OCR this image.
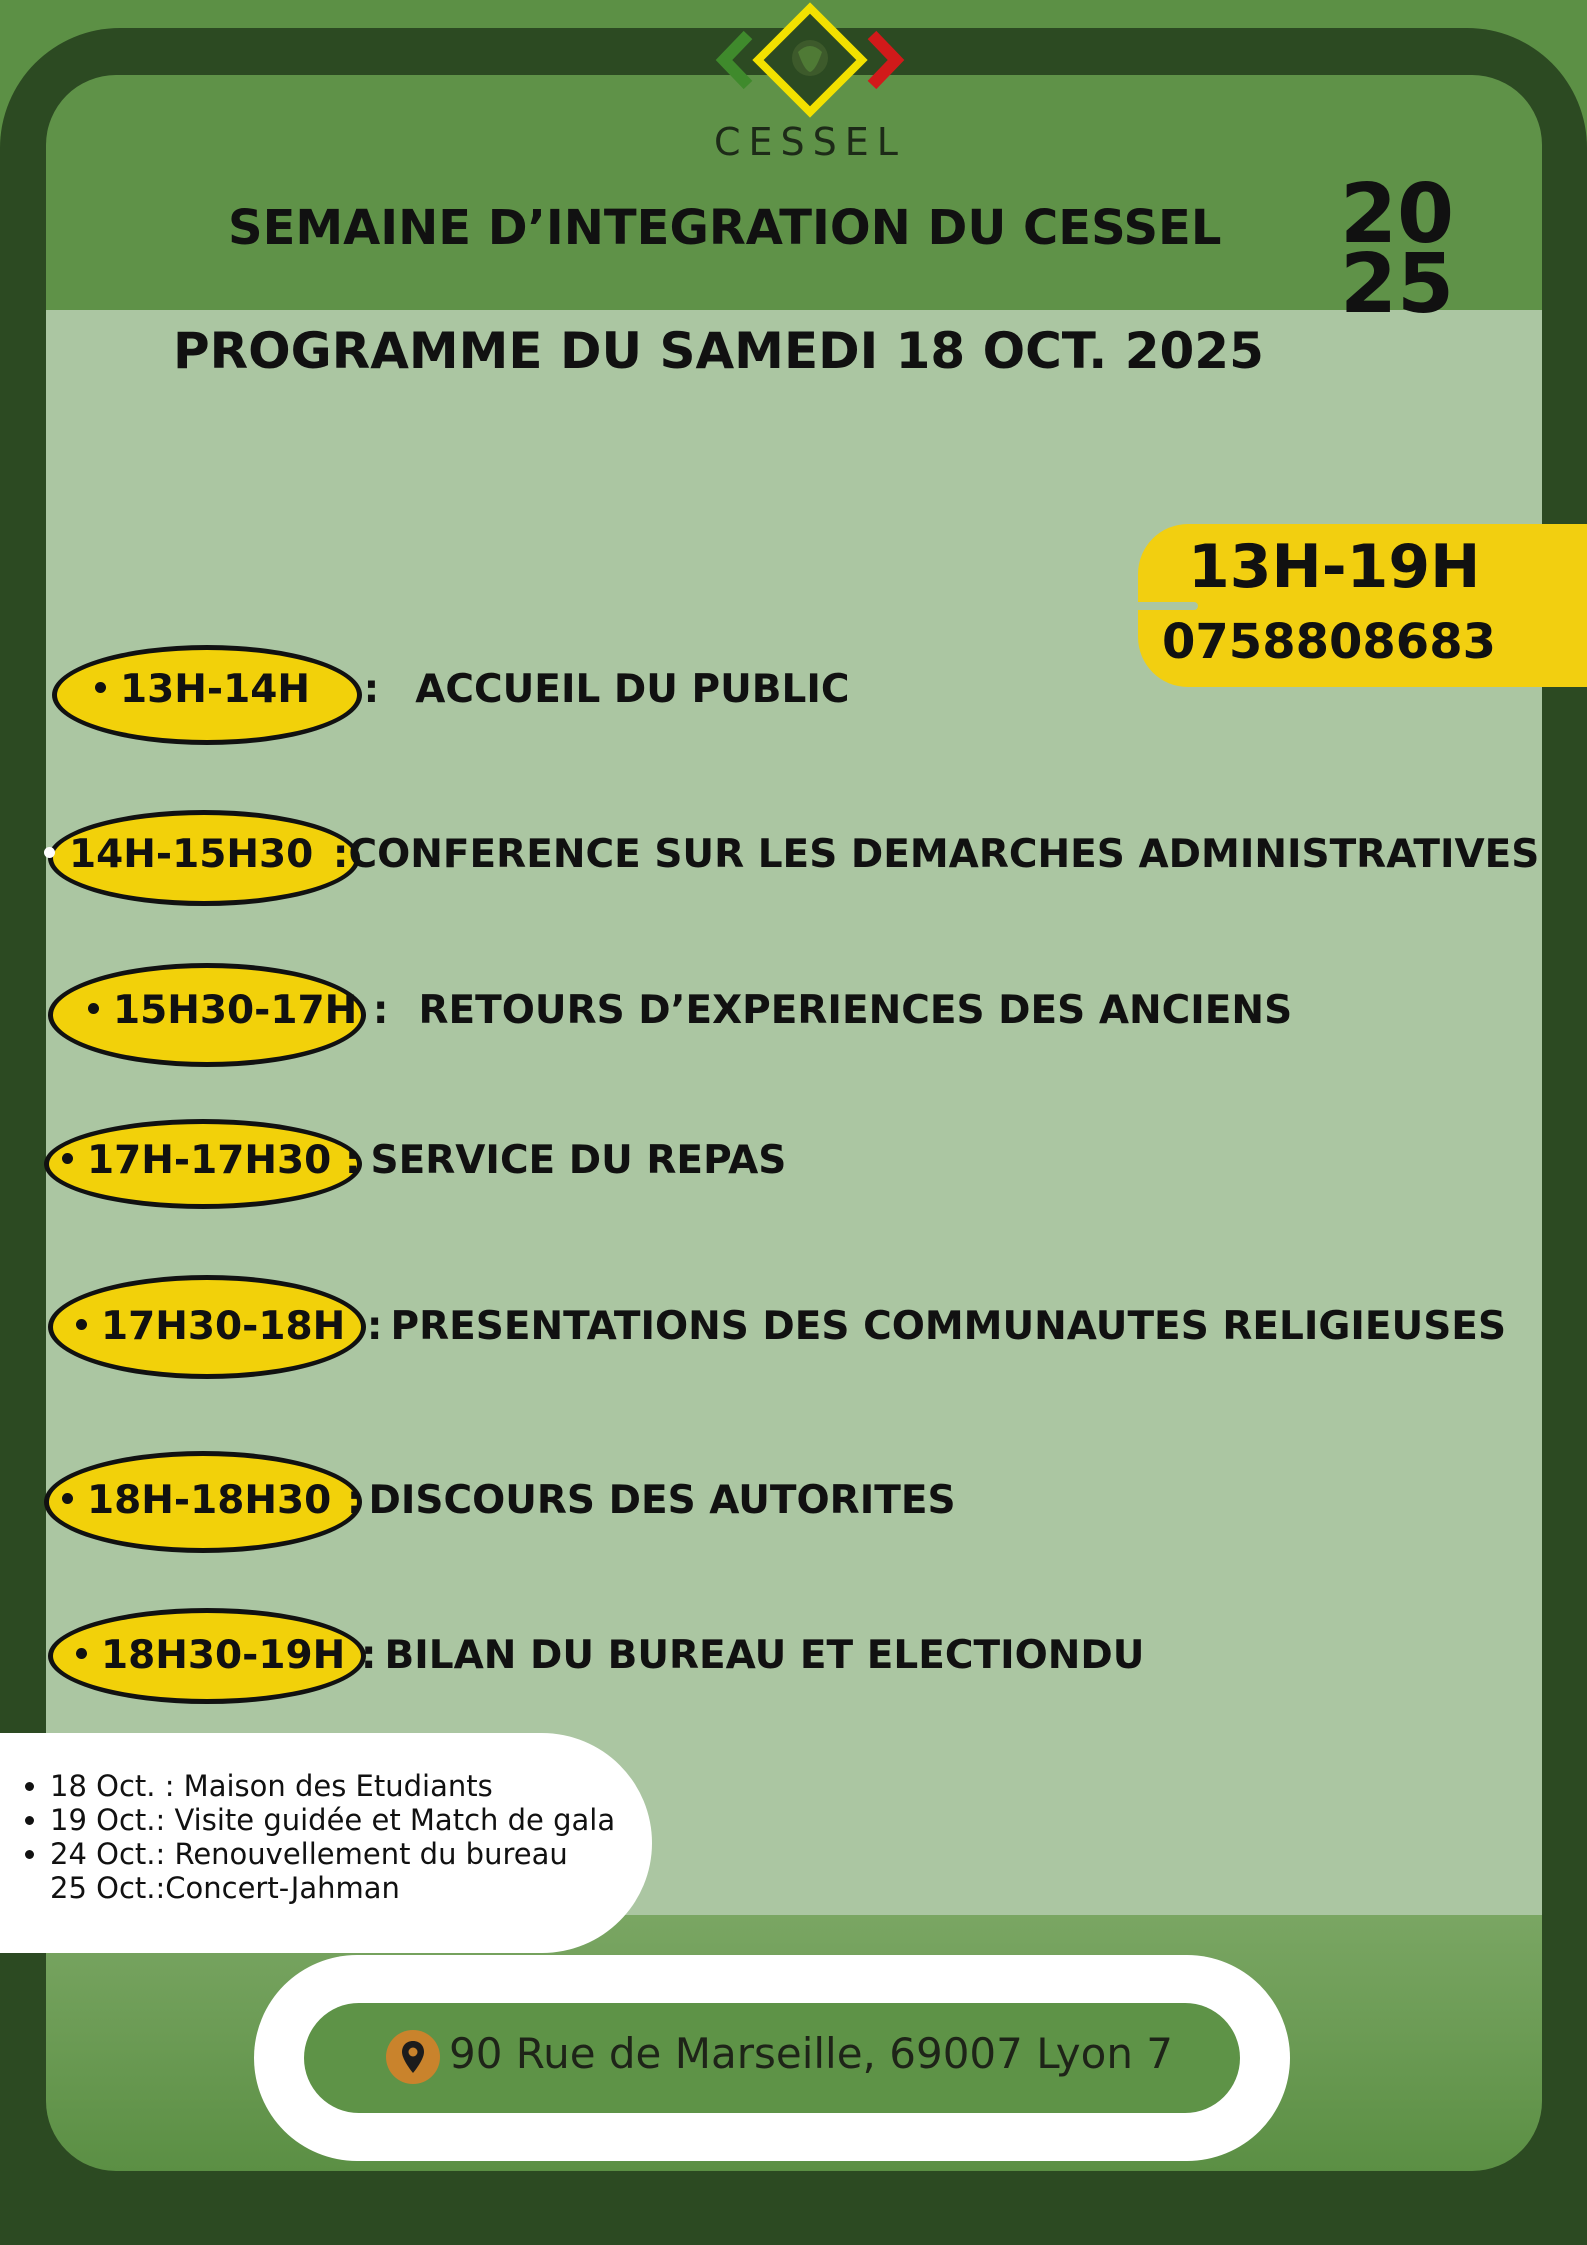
CESSEL
SEMAINE D’INTEGRATION DU CESSEL 20
25
PROGRAMME DU SAMEDI 18 OCT. 2025
13H-19H
0758808683
13H-14H : ACCUEIL DU PUBLIC
14H-15H30 :CONFERENCE SUR LES DEMARCHES ADMINISTRATIVES
15H30-17H : RETOURS D’EXPERIENCES DES ANCIENS
17H-17H30 : SERVICE DU REPAS
17H30-18H : PRESENTATIONS DES COMMUNAUTES RELIGIEUSES
18H-18H30 : DISCOURS DES AUTORITES
18H30-19H : BILAN DU BUREAU ET ELECTIONDU
• 18 Oct. : Maison des Etudiants
• 19 Oct.: Visite guidée et Match de gala
• 24 Oct.: Renouvellement du bureau
25 Oct.:Concert-Jahman
90 Rue de Marseille, 69007 Lyon 7
